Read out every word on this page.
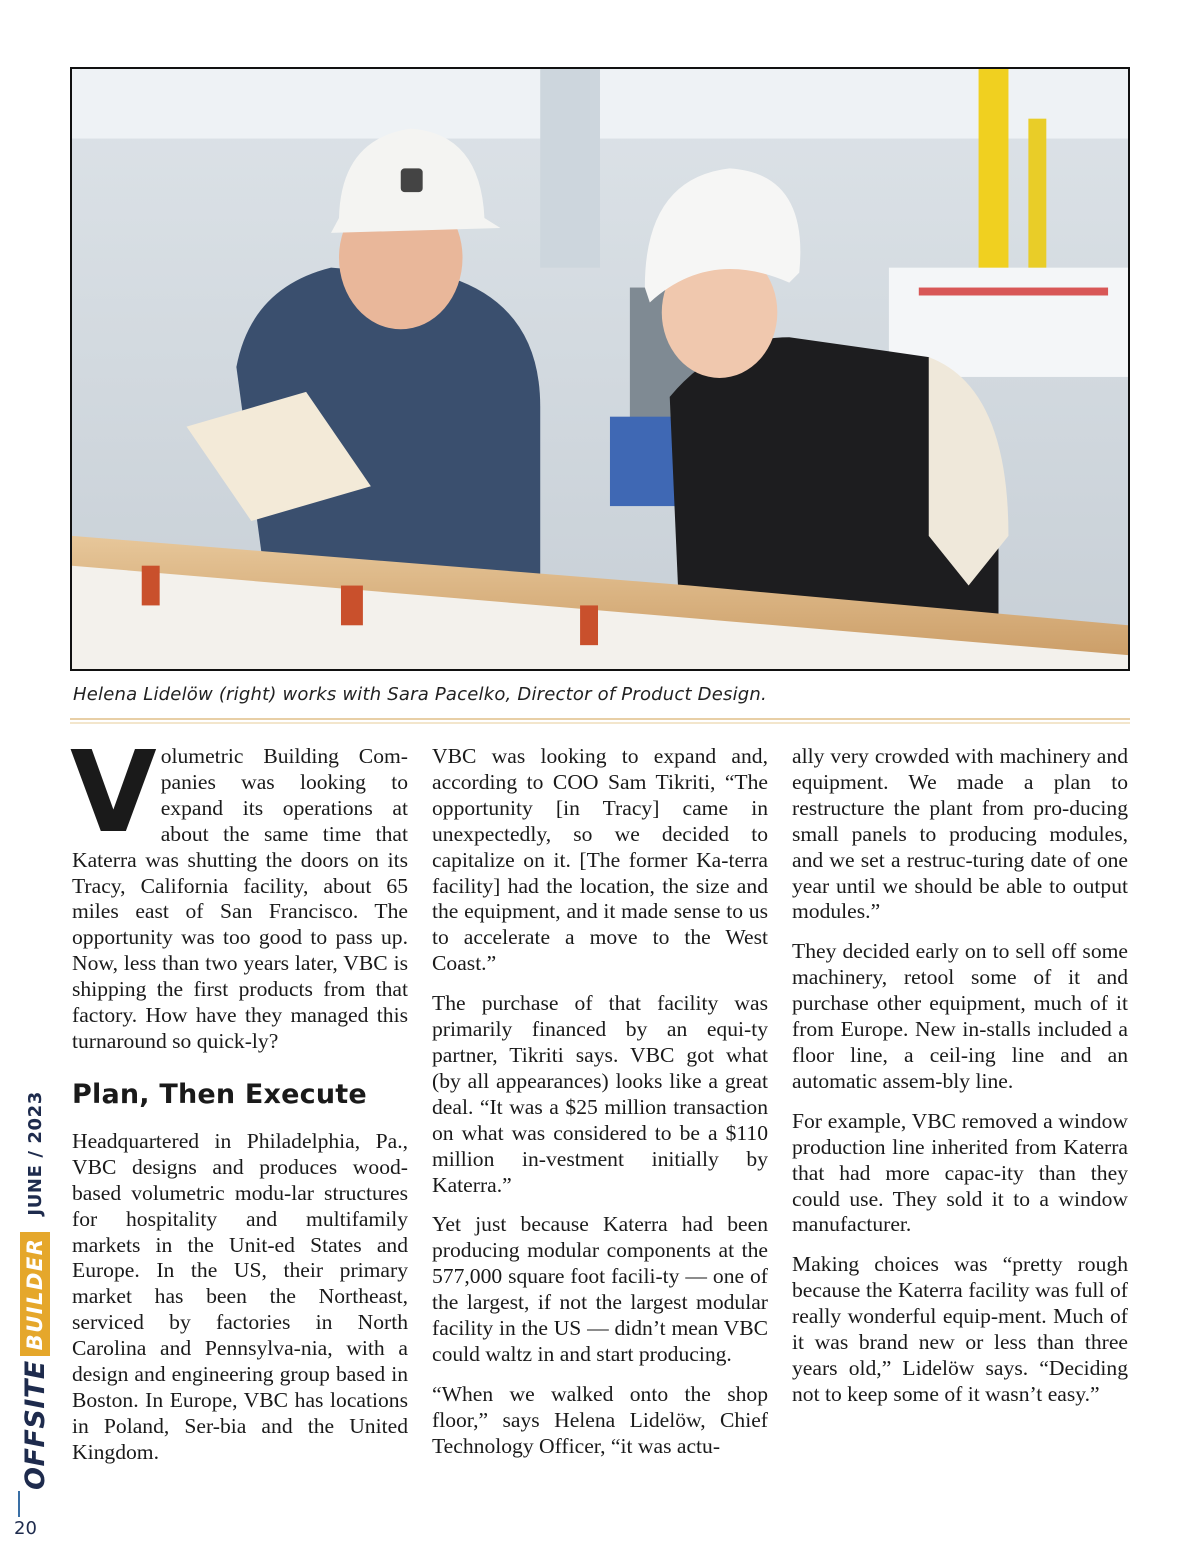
Helena Lidelöw (right) works with Sara Pacelko, Director of Product Design.

Volumetric Building Com-panies was looking to expand its operations at about the same time that Katerra was shutting the doors on its Tracy, California facility, about 65 miles east of San Francisco. The opportunity was too good to pass up. Now, less than two years later, VBC is shipping the first products from that factory. How have they managed this turnaround so quick-ly?

Plan, Then Execute

Headquartered in Philadelphia, Pa., VBC designs and produces wood-based volumetric modu-lar structures for hospitality and multifamily markets in the Unit-ed States and Europe. In the US, their primary market has been the Northeast, serviced by factories in North Carolina and Pennsylva-nia, with a design and engineering group based in Boston. In Europe, VBC has locations in Poland, Ser-bia and the United Kingdom.

VBC was looking to expand and, according to COO Sam Tikriti, “The opportunity [in Tracy] came in unexpectedly, so we decided to capitalize on it. [The former Ka-terra facility] had the location, the size and the equipment, and it made sense to us to accelerate a move to the West Coast.”

The purchase of that facility was primarily financed by an equi-ty partner, Tikriti says. VBC got what (by all appearances) looks like a great deal. “It was a $25 million transaction on what was considered to be a $110 million in-vestment initially by Katerra.”

Yet just because Katerra had been producing modular components at the 577,000 square foot facili-ty — one of the largest, if not the largest modular facility in the US — didn’t mean VBC could waltz in and start producing.

“When we walked onto the shop floor,” says Helena Lidelöw, Chief Technology Officer, “it was actu-

ally very crowded with machinery and equipment. We made a plan to restructure the plant from pro-ducing small panels to producing modules, and we set a restruc-turing date of one year until we should be able to output modules.”

They decided early on to sell off some machinery, retool some of it and purchase other equipment, much of it from Europe. New in-stalls included a floor line, a ceil-ing line and an automatic assem-bly line.

For example, VBC removed a window production line inherited from Katerra that had more capac-ity than they could use. They sold it to a window manufacturer.

Making choices was “pretty rough because the Katerra facility was full of really wonderful equip-ment. Much of it was brand new or less than three years old,” Lidelöw says. “Deciding not to keep some of it wasn’t easy.”

OFFSITE
BUILDER
JUNE / 2023
20
